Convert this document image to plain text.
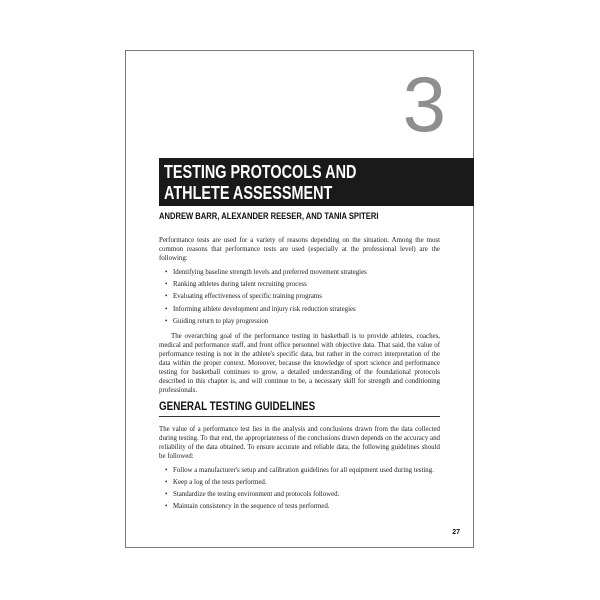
3
TESTING PROTOCOLS AND
ATHLETE ASSESSMENT
ANDREW BARR, ALEXANDER REESER, AND TANIA SPITERI

Performance tests are used for a variety of reasons depending on the situation. Among the most common reasons that performance tests are used (especially at the professional level) are the following:

• Identifying baseline strength levels and preferred movement strategies
• Ranking athletes during talent recruiting process
• Evaluating effectiveness of specific training programs
• Informing athlete development and injury risk reduction strategies
• Guiding return to play progression

The overarching goal of the performance testing in basketball is to provide athletes, coaches, medical and performance staff, and front office personnel with objective data. That said, the value of performance testing is not in the athlete's specific data, but rather in the correct interpretation of the data within the proper context. Moreover, because the knowledge of sport science and performance testing for basketball continues to grow, a detailed understanding of the foundational protocols described in this chapter is, and will continue to be, a necessary skill for strength and conditioning professionals.

GENERAL TESTING GUIDELINES

The value of a performance test lies in the analysis and conclusions drawn from the data collected during testing. To that end, the appropriateness of the conclusions drawn depends on the accuracy and reliability of the data obtained. To ensure accurate and reliable data, the following guidelines should be followed:

• Follow a manufacturer's setup and calibration guidelines for all equipment used during testing.
• Keep a log of the tests performed.
• Standardize the testing environment and protocols followed.
• Maintain consistency in the sequence of tests performed.
27
